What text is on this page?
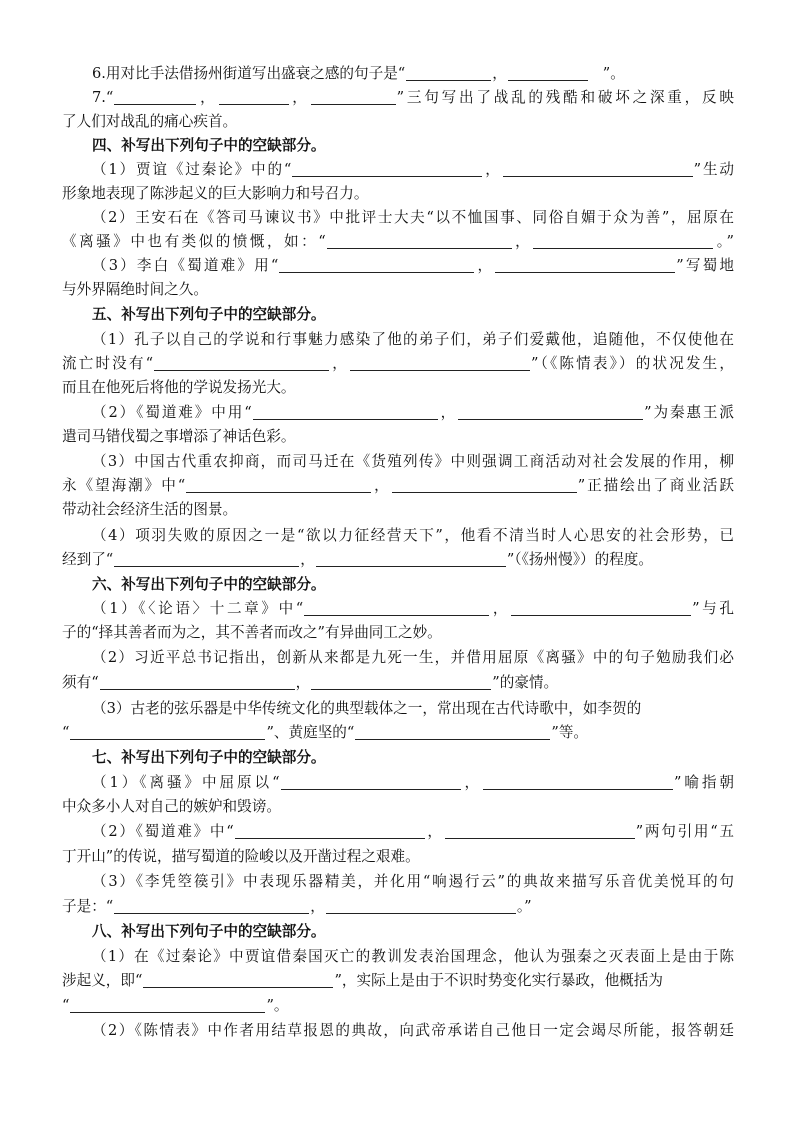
6.用对比手法借扬州街道写出盛衰之感的句子是“	，	”。
7.“	，	，	”三句写出了战乱的残酷和破坏之深重，反映
了人们对战乱的痛心疾首。
四、补写出下列句子中的空缺部分。
（1）贾谊《过秦论》中的“	，	”生动
形象地表现了陈涉起义的巨大影响力和号召力。
（2）王安石在《答司马谏议书》中批评士大夫“以不恤国事、同俗自媚于众为善”，屈原在
《离骚》中也有类似的愤慨，如：“	，	。”
（3）李白《蜀道难》用“	，	”写蜀地
与外界隔绝时间之久。
五、补写出下列句子中的空缺部分。
（1）孔子以自己的学说和行事魅力感染了他的弟子们，弟子们爱戴他，追随他，不仅使他在
流亡时没有“	，	”（《陈情表》）的状况发生，
而且在他死后将他的学说发扬光大。
（2）《蜀道难》中用“	，	”为秦惠王派
遣司马错伐蜀之事增添了神话色彩。
（3）中国古代重农抑商，而司马迁在《货殖列传》中则强调工商活动对社会发展的作用，柳
永《望海潮》中“	，	”正描绘出了商业活跃
带动社会经济生活的图景。
（4）项羽失败的原因之一是“欲以力征经营天下”，他看不清当时人心思安的社会形势，已
经到了“	，	”（《扬州慢》）的程度。
六、补写出下列句子中的空缺部分。
（1）《〈论语〉十二章》中“	，	”与孔
子的“择其善者而为之，其不善者而改之”有异曲同工之妙。
（2）习近平总书记指出，创新从来都是九死一生，并借用屈原《离骚》中的句子勉励我们必
须有“	，	”的豪情。
（3）古老的弦乐器是中华传统文化的典型载体之一，常出现在古代诗歌中，如李贺的
“	”、黄庭坚的“	”等。
七、补写出下列句子中的空缺部分。
（1）《离骚》中屈原以“	，	”喻指朝
中众多小人对自己的嫉妒和毁谤。
（2）《蜀道难》中“	，	”两句引用“五
丁开山”的传说，描写蜀道的险峻以及开凿过程之艰难。
（3）《李凭箜篌引》中表现乐器精美，并化用“响遏行云”的典故来描写乐音优美悦耳的句
子是：“	，	。”
八、补写出下列句子中的空缺部分。
（1）在《过秦论》中贾谊借秦国灭亡的教训发表治国理念，他认为强秦之灭表面上是由于陈
涉起义，即“	”，实际上是由于不识时势变化实行暴政，他概括为
“	”。
（2）《陈情表》中作者用结草报恩的典故，向武帝承诺自己他日一定会竭尽所能，报答朝廷
